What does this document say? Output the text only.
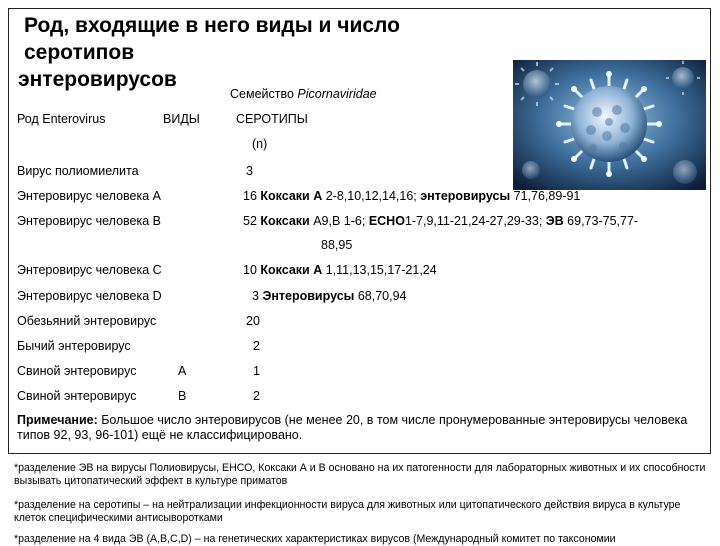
Род, входящие в него виды и число серотипов
энтеровирусов
Семейство Picornaviridae
Род Enterovirus	ВИДЫ	СЕРОТИПЫ
(n)
Вирус полиомиелита	3
Энтеровирус человека A	16 Коксаки А 2-8,10,12,14,16; энтеровирусы 71,76,89-91
Энтеровирус человека B	52 Коксаки А9,В 1-6; ЕСНО1-7,9,11-21,24-27,29-33; ЭВ 69,73-75,77-
88,95
Энтеровирус человека C	10 Коксаки А 1,11,13,15,17-21,24
Энтеровирус человека D	3 Энтеровирусы 68,70,94
Обезьяний энтеровирус	20
Бычий энтеровирус	2
Свиной энтеровирус	A	1
Свиной энтеровирус	B	2
Примечание: Большое число энтеровирусов (не менее 20, в том числе пронумерованные энтеровирусы человека типов 92, 93, 96-101) ещё не классифицировано.
*разделение ЭВ на вирусы Полиовирусы, ЕНСО, Коксаки А и В основано на их патогенности для лабораторных животных и их способности вызывать цитопатический эффект в культуре приматов
*разделение на серотипы – на нейтрализации инфекционности вируса для животных или цитопатического действия вируса в культуре клеток специфическими антисыворотками
*разделение на 4 вида ЭВ (A,B,C,D) – на генетических характеристиках вирусов (Международный комитет по таксономии
